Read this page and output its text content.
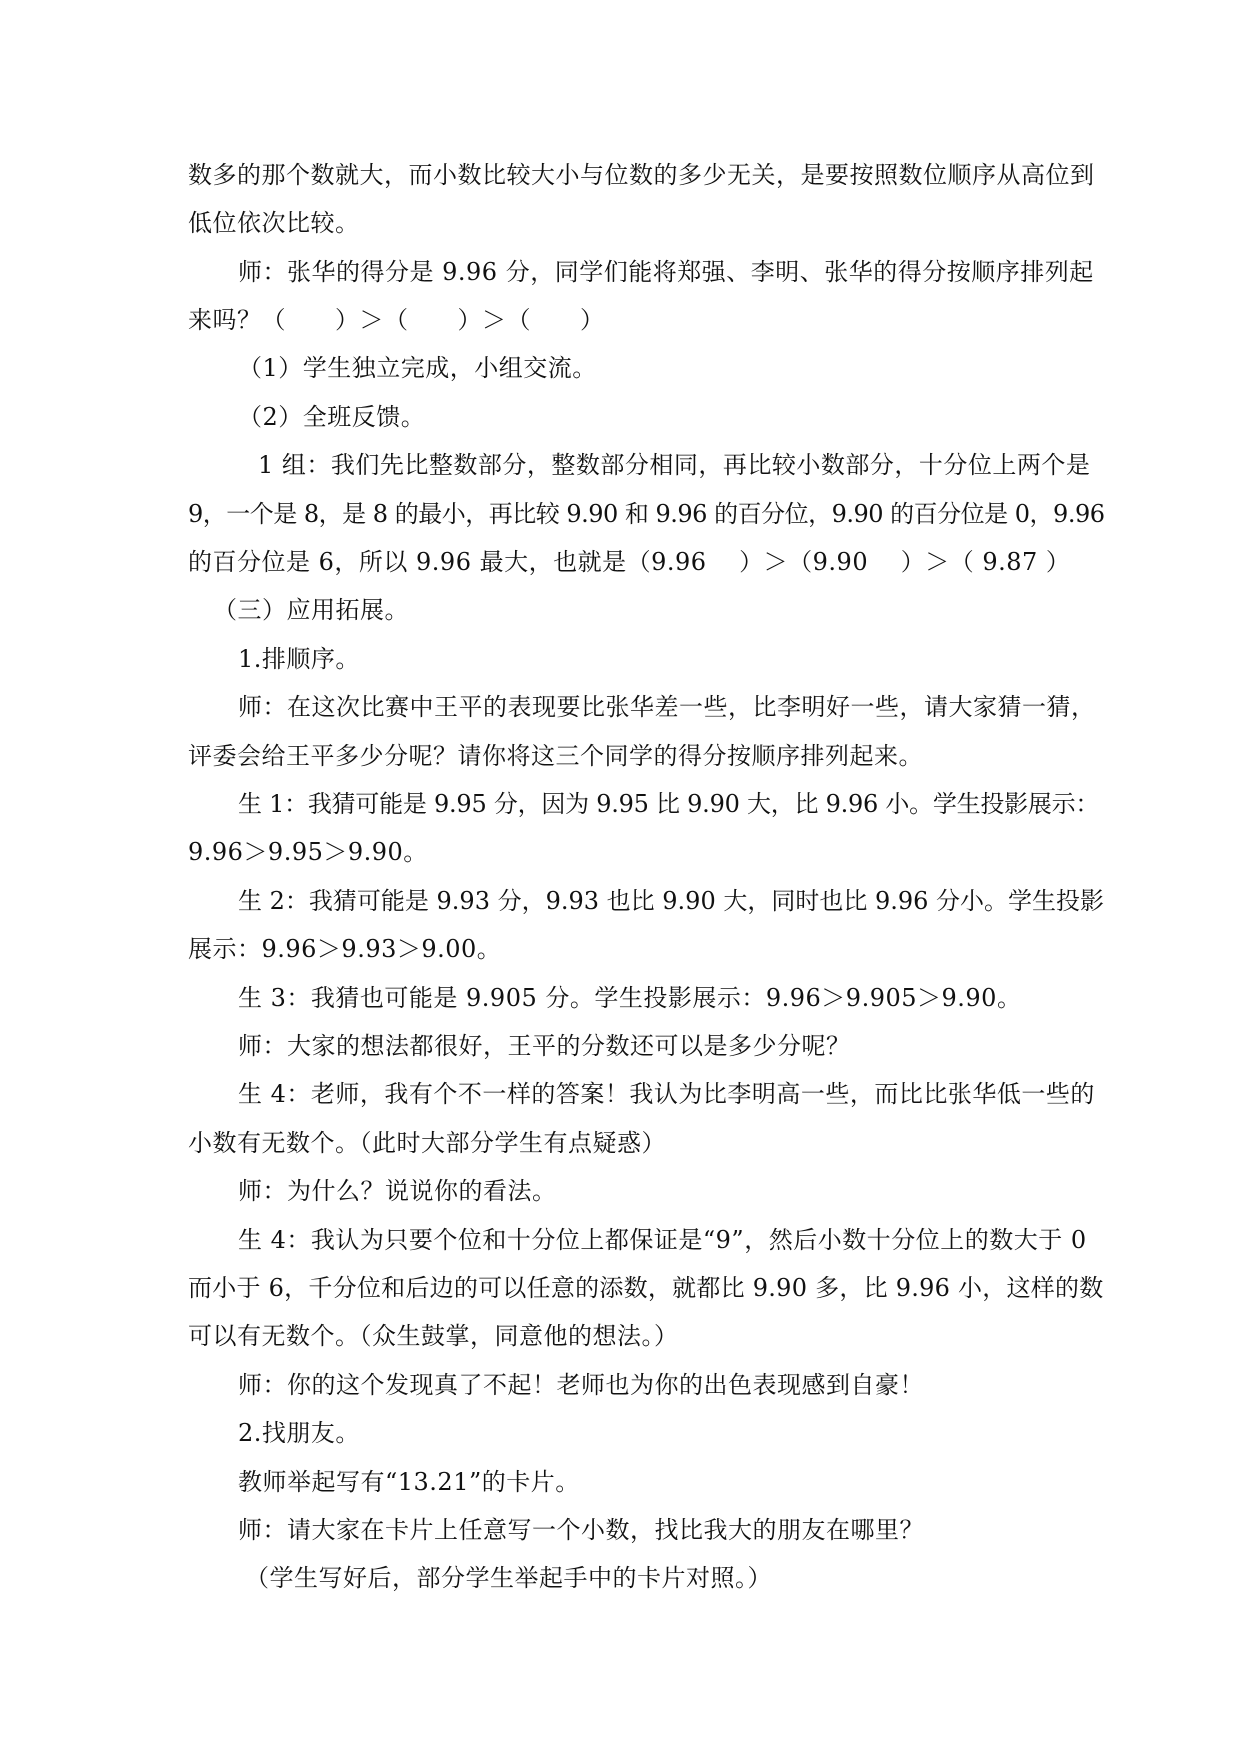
数多的那个数就大，而小数比较大小与位数的多少无关，是要按照数位顺序从高位到
低位依次比较。
师：张华的得分是 9.96 分，同学们能将郑强、李明、张华的得分按顺序排列起
来吗？（　　）＞（　　）＞（　　）
（1）学生独立完成，小组交流。
（2）全班反馈。
1 组：我们先比整数部分，整数部分相同，再比较小数部分，十分位上两个是
9，一个是 8，是 8 的最小，再比较 9.90 和 9.96 的百分位，9.90 的百分位是 0，9.96
的百分位是 6，所以 9.96 最大，也就是（9.96　 ）＞（9.90　 ）＞（ 9.87 ）
（三）应用拓展。
1.排顺序。
师：在这次比赛中王平的表现要比张华差一些，比李明好一些，请大家猜一猜，
评委会给王平多少分呢？请你将这三个同学的得分按顺序排列起来。
生 1：我猜可能是 9.95 分，因为 9.95 比 9.90 大，比 9.96 小。学生投影展示：
9.96＞9.95＞9.90。
生 2：我猜可能是 9.93 分，9.93 也比 9.90 大，同时也比 9.96 分小。学生投影
展示：9.96＞9.93＞9.00。
生 3：我猜也可能是 9.905 分。学生投影展示：9.96＞9.905＞9.90。
师：大家的想法都很好，王平的分数还可以是多少分呢？
生 4：老师，我有个不一样的答案！我认为比李明高一些，而比比张华低一些的
小数有无数个。（此时大部分学生有点疑惑）
师：为什么？说说你的看法。
生 4：我认为只要个位和十分位上都保证是“9”，然后小数十分位上的数大于 0
而小于 6，千分位和后边的可以任意的添数，就都比 9.90 多，比 9.96 小，这样的数
可以有无数个。（众生鼓掌，同意他的想法。）
师：你的这个发现真了不起！老师也为你的出色表现感到自豪！
2.找朋友。
教师举起写有“13.21”的卡片。
师：请大家在卡片上任意写一个小数，找比我大的朋友在哪里？
（学生写好后，部分学生举起手中的卡片对照。）
